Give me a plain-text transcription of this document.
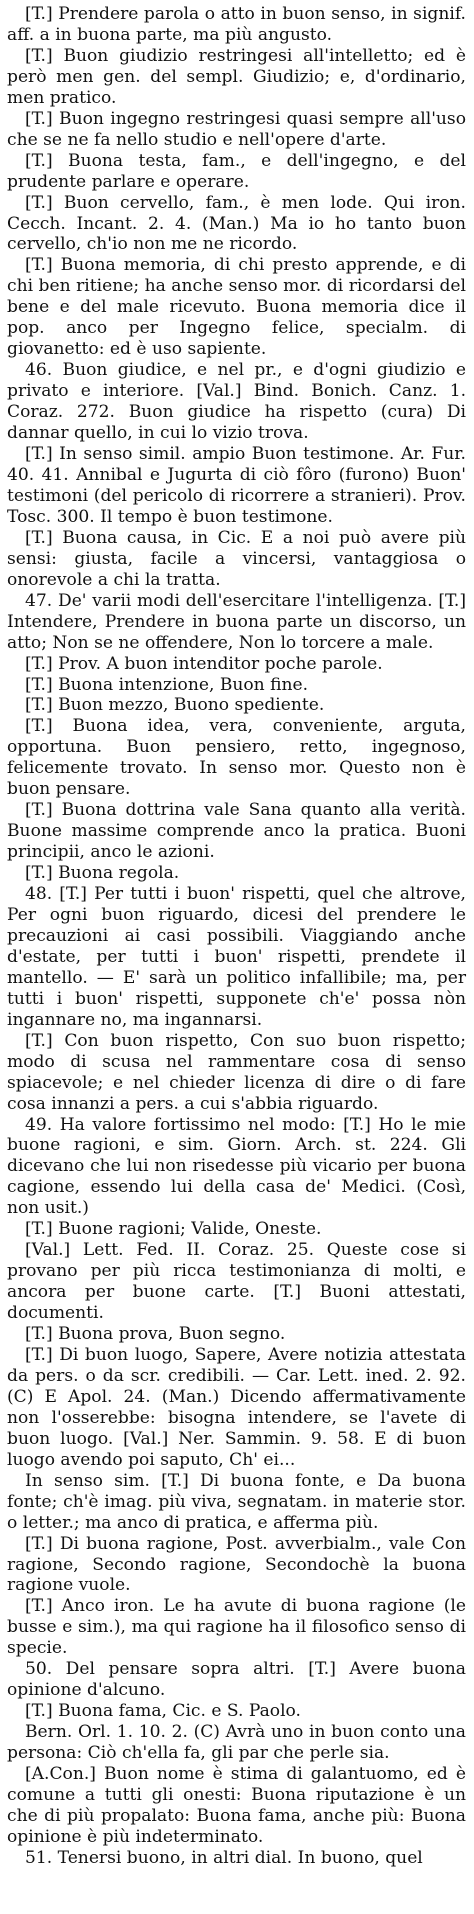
[T.] Prendere parola o atto in buon senso, in signif. aff. a in buona parte, ma più angusto.

[T.] Buon giudizio restringesi all'intelletto; ed è però men gen. del sempl. Giudizio; e, d'ordinario, men pratico.

[T.] Buon ingegno restringesi quasi sempre all'uso che se ne fa nello studio e nell'opere d'arte.

[T.] Buona testa, fam., e dell'ingegno, e del prudente parlare e operare.

[T.] Buon cervello, fam., è men lode. Qui iron. Cecch. Incant. 2. 4. (Man.) Ma io ho tanto buon cervello, ch'io non me ne ricordo.

[T.] Buona memoria, di chi presto apprende, e di chi ben ritiene; ha anche senso mor. di ricordarsi del bene e del male ricevuto. Buona memoria dice il pop. anco per Ingegno felice, specialm. di giovanetto: ed è uso sapiente.

46. Buon giudice, e nel pr., e d'ogni giudizio e privato e interiore. [Val.] Bind. Bonich. Canz. 1. Coraz. 272. Buon giudice ha rispetto (cura) Di dannar quello, in cui lo vizio trova.

[T.] In senso simil. ampio Buon testimone. Ar. Fur. 40. 41. Annibal e Jugurta di ciò fôro (furono) Buon' testimoni (del pericolo di ricorrere a stranieri). Prov. Tosc. 300. Il tempo è buon testimone.

[T.] Buona causa, in Cic. E a noi può avere più sensi: giusta, facile a vincersi, vantaggiosa o onorevole a chi la tratta.

47. De' varii modi dell'esercitare l'intelligenza. [T.] Intendere, Prendere in buona parte un discorso, un atto; Non se ne offendere, Non lo torcere a male.

[T.] Prov. A buon intenditor poche parole.

[T.] Buona intenzione, Buon fine.

[T.] Buon mezzo, Buono spediente.

[T.] Buona idea, vera, conveniente, arguta, opportuna. Buon pensiero, retto, ingegnoso, felicemente trovato. In senso mor. Questo non è buon pensare.

[T.] Buona dottrina vale Sana quanto alla verità. Buone massime comprende anco la pratica. Buoni principii, anco le azioni.

[T.] Buona regola.

48. [T.] Per tutti i buon' rispetti, quel che altrove, Per ogni buon riguardo, dicesi del prendere le precauzioni ai casi possibili. Viaggiando anche d'estate, per tutti i buon' rispetti, prendete il mantello. — E' sarà un politico infallibile; ma, per tutti i buon' rispetti, supponete ch'e' possa nòn ingannare no, ma ingannarsi.

[T.] Con buon rispetto, Con suo buon rispetto; modo di scusa nel rammentare cosa di senso spiacevole; e nel chieder licenza di dire o di fare cosa innanzi a pers. a cui s'abbia riguardo.

49. Ha valore fortissimo nel modo: [T.] Ho le mie buone ragioni, e sim. Giorn. Arch. st. 224. Gli dicevano che lui non risedesse più vicario per buona cagione, essendo lui della casa de' Medici. (Così, non usit.)

[T.] Buone ragioni; Valide, Oneste.

[Val.] Lett. Fed. II. Coraz. 25. Queste cose si provano per più ricca testimonianza di molti, e ancora per buone carte. [T.] Buoni attestati, documenti.

[T.] Buona prova, Buon segno.

[T.] Di buon luogo, Sapere, Avere notizia attestata da pers. o da scr. credibili. — Car. Lett. ined. 2. 92. (C) E Apol. 24. (Man.) Dicendo affermativamente non l'osserebbe: bisogna intendere, se l'avete di buon luogo. [Val.] Ner. Sammin. 9. 58. E di buon luogo avendo poi saputo, Ch' ei...

In senso sim. [T.] Di buona fonte, e Da buona fonte; ch'è imag. più viva, segnatam. in materie stor. o letter.; ma anco di pratica, e afferma più.

[T.] Di buona ragione, Post. avverbialm., vale Con ragione, Secondo ragione, Secondochè la buona ragione vuole.

[T.] Anco iron. Le ha avute di buona ragione (le busse e sim.), ma qui ragione ha il filosofico senso di specie.

50. Del pensare sopra altri. [T.] Avere buona opinione d'alcuno.

[T.] Buona fama, Cic. e S. Paolo.

Bern. Orl. 1. 10. 2. (C) Avrà uno in buon conto una persona: Ciò ch'ella fa, gli par che perle sia.

[A.Con.] Buon nome è stima di galantuomo, ed è comune a tutti gli onesti: Buona riputazione è un che di più propalato: Buona fama, anche più: Buona opinione è più indeterminato.

51. Tenersi buono, in altri dial. In buono, quel
